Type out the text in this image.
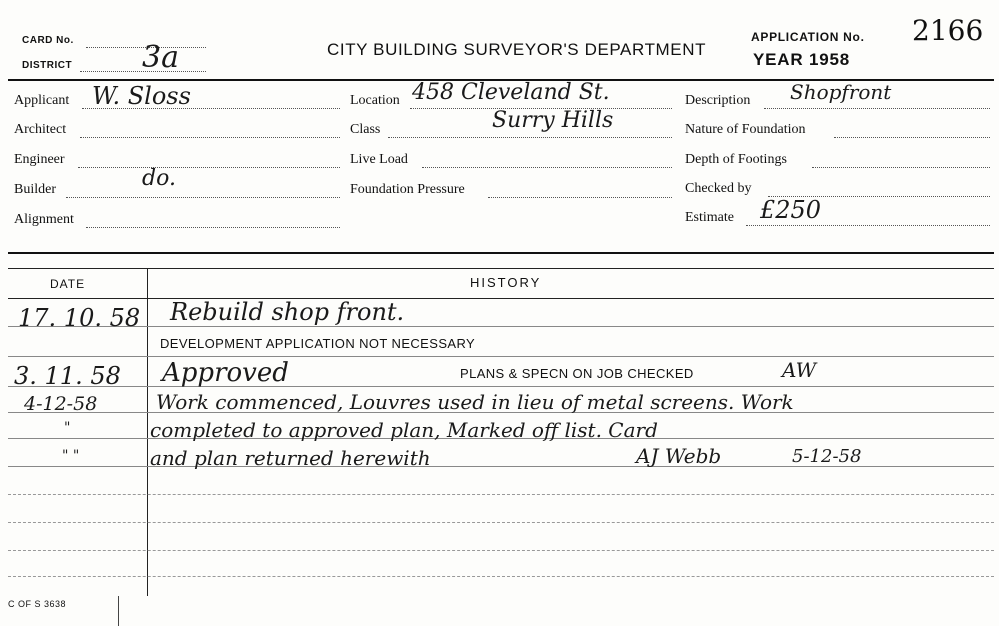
CARD No.
DISTRICT 3a	CITY BUILDING SURVEYOR'S DEPARTMENT
APPLICATION No. 2166
YEAR 1958
Applicant W. Sloss
Architect
Engineer
Builder	do.
Alignment
Location 458 Cleveland St.
Class	Surry Hills
Live Load
Foundation Pressure
Description Shopfront
Nature of Foundation
Depth of Footings
Checked by
Estimate £250
DATE	HISTORY
17. 10. 58 Rebuild shop front.
DEVELOPMENT APPLICATION NOT NECESSARY
3. 11. 58 Approved	PLANS & SPECN ON JOB CHECKED	AW
4-12-58	Work commenced, Louvres used in lieu of metal screens. Work
"	completed to approved plan, Marked off list. Card
" "	and plan returned herewith	AJ Webb	5-12-58
C OF S 3638
